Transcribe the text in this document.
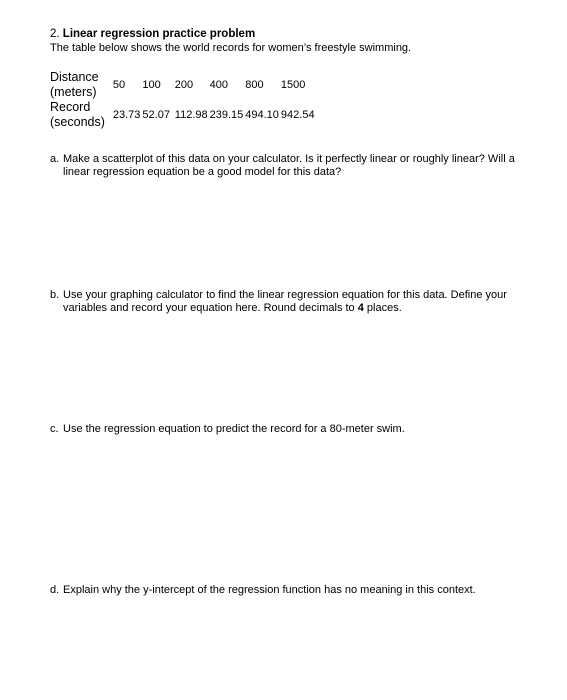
2. Linear regression practice problem
The table below shows the world records for women’s freestyle swimming.
Distance
(meters)	50	100	200	400	800	1500

Record
(seconds)	23.73	52.07	112.98	239.15	494.10	942.54
a. Make a scatterplot of this data on your calculator. Is it perfectly linear or roughly linear? Will a linear regression equation be a good model for this data?
b. Use your graphing calculator to find the linear regression equation for this data. Define your variables and record your equation here. Round decimals to 4 places.
c. Use the regression equation to predict the record for a 80-meter swim.
d. Explain why the y-intercept of the regression function has no meaning in this context.
